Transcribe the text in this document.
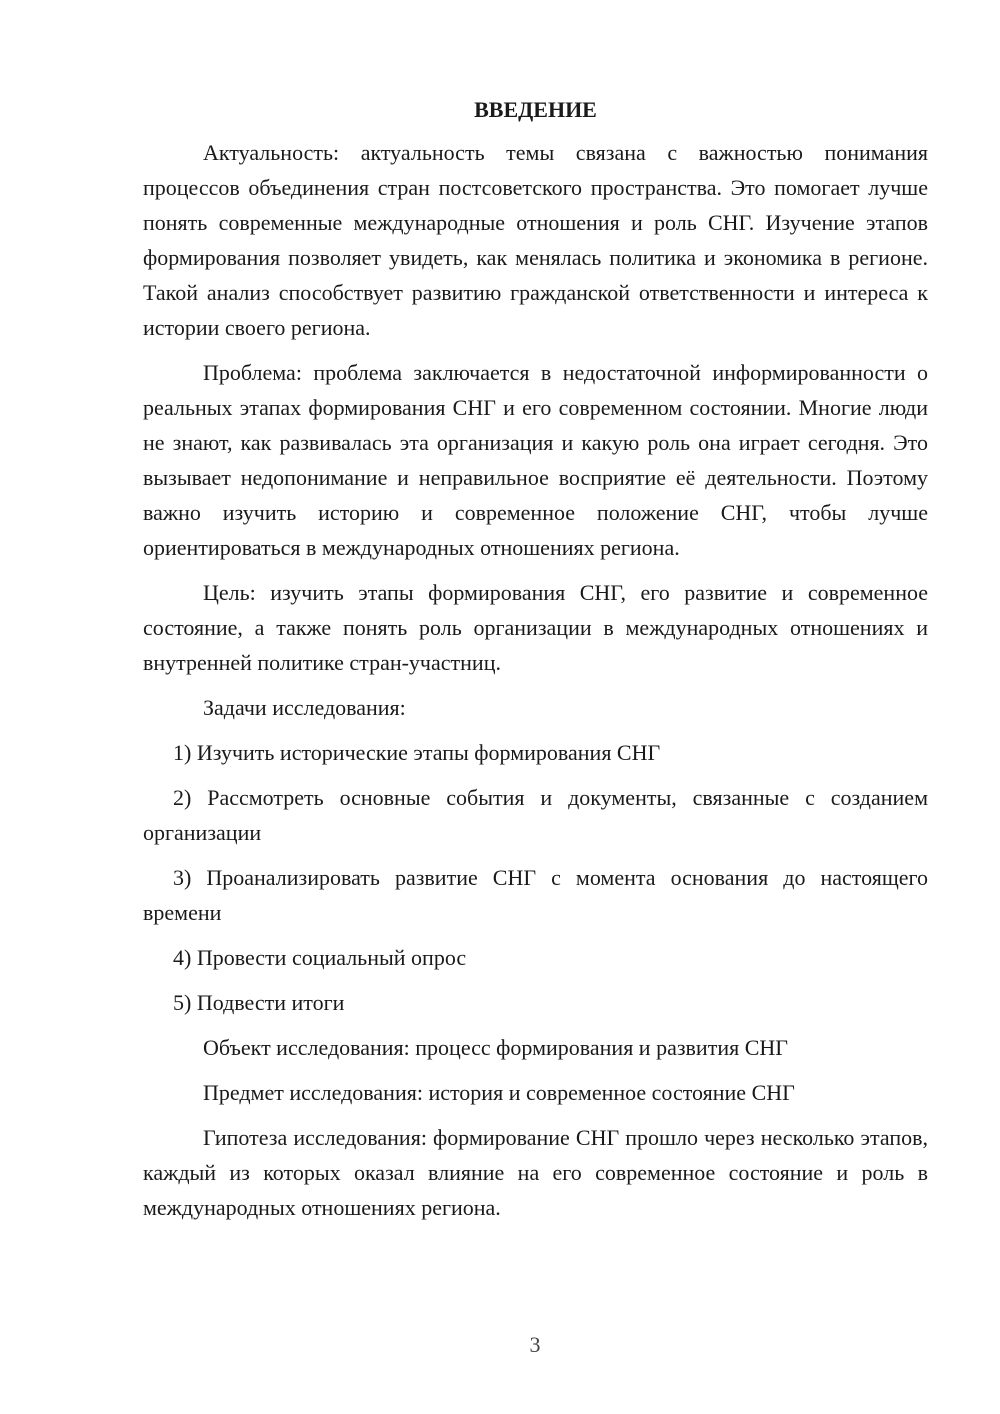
ВВЕДЕНИЕ

Актуальность: актуальность темы связана с важностью понимания процессов объединения стран постсоветского пространства. Это помогает лучше понять современные международные отношения и роль СНГ. Изучение этапов формирования позволяет увидеть, как менялась политика и экономика в регионе. Такой анализ способствует развитию гражданской ответственности и интереса к истории своего региона.

Проблема: проблема заключается в недостаточной информированности о реальных этапах формирования СНГ и его современном состоянии. Многие люди не знают, как развивалась эта организация и какую роль она играет сегодня. Это вызывает недопонимание и неправильное восприятие её деятельности. Поэтому важно изучить историю и современное положение СНГ, чтобы лучше ориентироваться в международных отношениях региона.

Цель: изучить этапы формирования СНГ, его развитие и современное состояние, а также понять роль организации в международных отношениях и внутренней политике стран-участниц.

Задачи исследования:

1) Изучить исторические этапы формирования СНГ

2) Рассмотреть основные события и документы, связанные с созданием организации

3) Проанализировать развитие СНГ с момента основания до настоящего времени

4) Провести социальный опрос

5) Подвести итоги

Объект исследования: процесс формирования и развития СНГ

Предмет исследования: история и современное состояние СНГ

Гипотеза исследования: формирование СНГ прошло через несколько этапов, каждый из которых оказал влияние на его современное состояние и роль в международных отношениях региона.

3
